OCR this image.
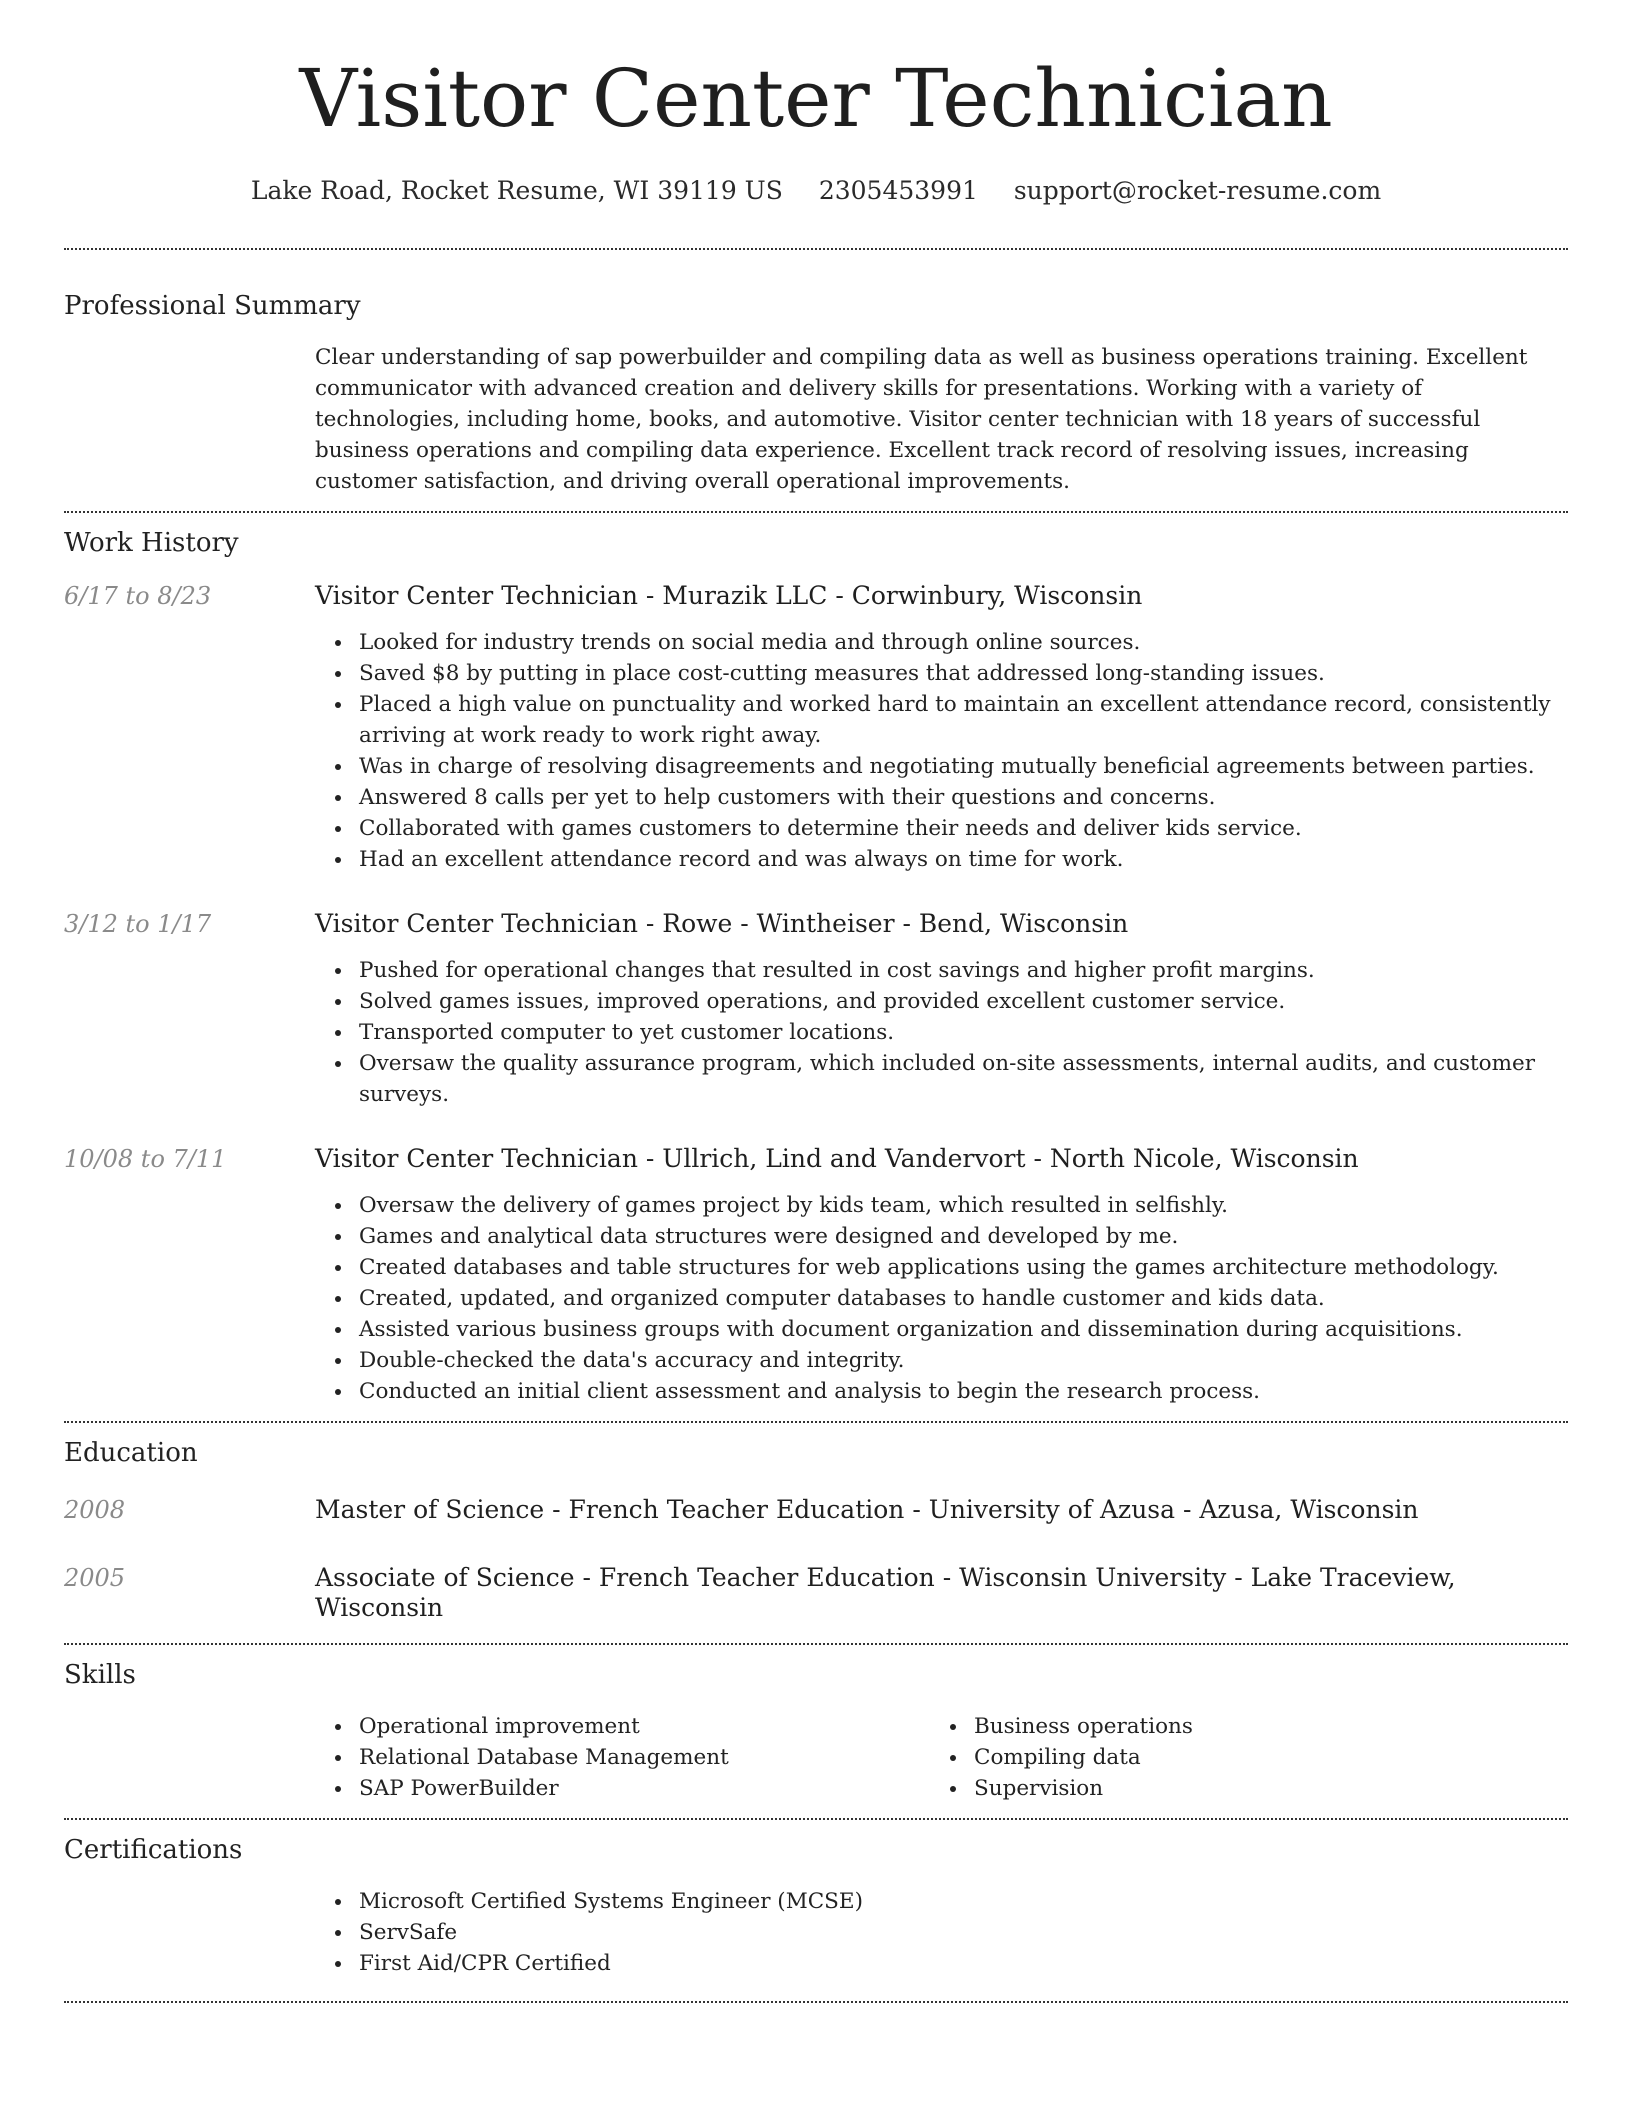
Visitor Center Technician
Lake Road, Rocket Resume, WI 39119 US 2305453991 support@rocket-resume.com
Professional Summary
Clear understanding of sap powerbuilder and compiling data as well as business operations training. Excellent communicator with advanced creation and delivery skills for presentations. Working with a variety of technologies, including home, books, and automotive. Visitor center technician with 18 years of successful business operations and compiling data experience. Excellent track record of resolving issues, increasing customer satisfaction, and driving overall operational improvements.
Work History
6/17 to 8/23	Visitor Center Technician - Murazik LLC - Corwinbury, Wisconsin
Looked for industry trends on social media and through online sources.
Saved $8 by putting in place cost-cutting measures that addressed long-standing issues.
Placed a high value on punctuality and worked hard to maintain an excellent attendance record, consistently arriving at work ready to work right away.
Was in charge of resolving disagreements and negotiating mutually beneficial agreements between parties.
Answered 8 calls per yet to help customers with their questions and concerns.
Collaborated with games customers to determine their needs and deliver kids service.
Had an excellent attendance record and was always on time for work.
3/12 to 1/17	Visitor Center Technician - Rowe - Wintheiser - Bend, Wisconsin
Pushed for operational changes that resulted in cost savings and higher profit margins.
Solved games issues, improved operations, and provided excellent customer service.
Transported computer to yet customer locations.
Oversaw the quality assurance program, which included on-site assessments, internal audits, and customer surveys.
10/08 to 7/11	Visitor Center Technician - Ullrich, Lind and Vandervort - North Nicole, Wisconsin
Oversaw the delivery of games project by kids team, which resulted in selfishly.
Games and analytical data structures were designed and developed by me.
Created databases and table structures for web applications using the games architecture methodology.
Created, updated, and organized computer databases to handle customer and kids data.
Assisted various business groups with document organization and dissemination during acquisitions.
Double-checked the data's accuracy and integrity.
Conducted an initial client assessment and analysis to begin the research process.
Education
2008	Master of Science - French Teacher Education - University of Azusa - Azusa, Wisconsin
2005	Associate of Science - French Teacher Education - Wisconsin University - Lake Traceview, Wisconsin
Skills
Operational improvement
Relational Database Management
SAP PowerBuilder
Business operations
Compiling data
Supervision
Certifications
Microsoft Certified Systems Engineer (MCSE)
ServSafe
First Aid/CPR Certified
